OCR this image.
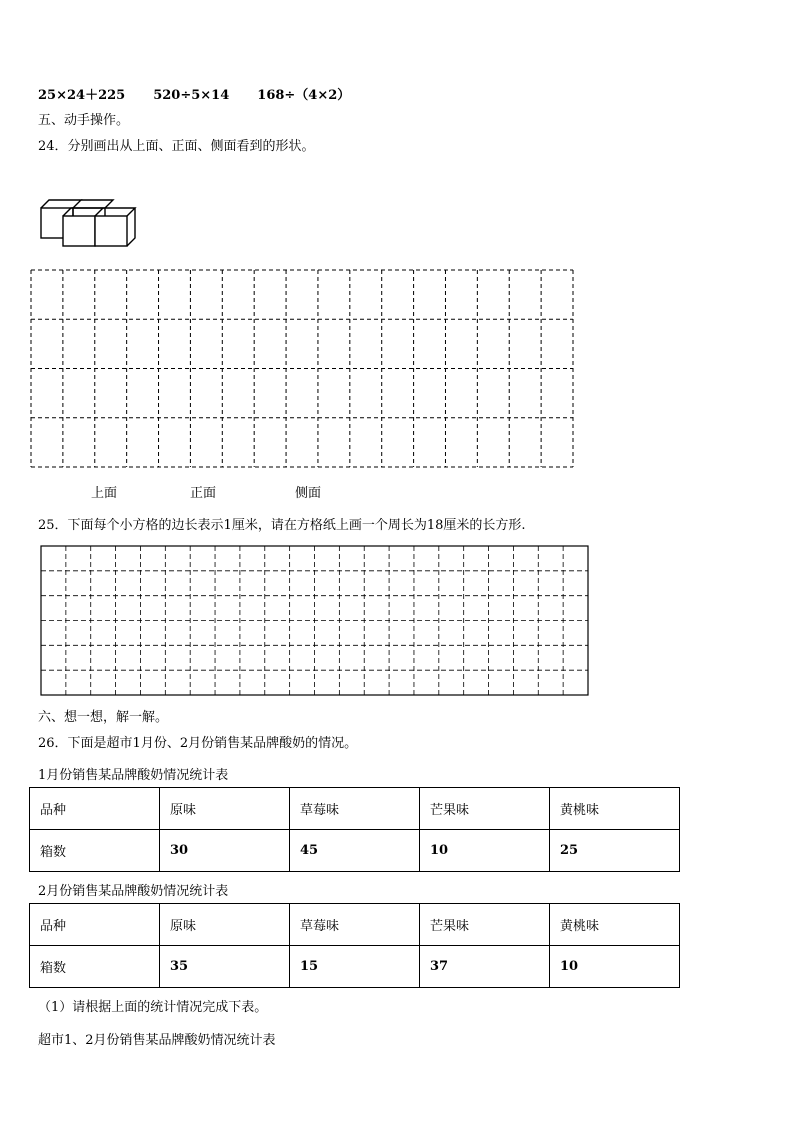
25×24＋225 520÷5×14 168÷（4×2）
五、动手操作。
24．分别画出从上面、正面、侧面看到的形状。
上面	正面	侧面
25．下面每个小方格的边长表示1厘米，请在方格纸上画一个周长为18厘米的长方形.
六、想一想，解一解。
26．下面是超市1月份、2月份销售某品牌酸奶的情况。
1月份销售某品牌酸奶情况统计表
品种	原味	草莓味	芒果味	黄桃味
箱数	30	45	10	25
2月份销售某品牌酸奶情况统计表
品种	原味	草莓味	芒果味	黄桃味
箱数	35	15	37	10
（1）请根据上面的统计情况完成下表。
超市1、2月份销售某品牌酸奶情况统计表
